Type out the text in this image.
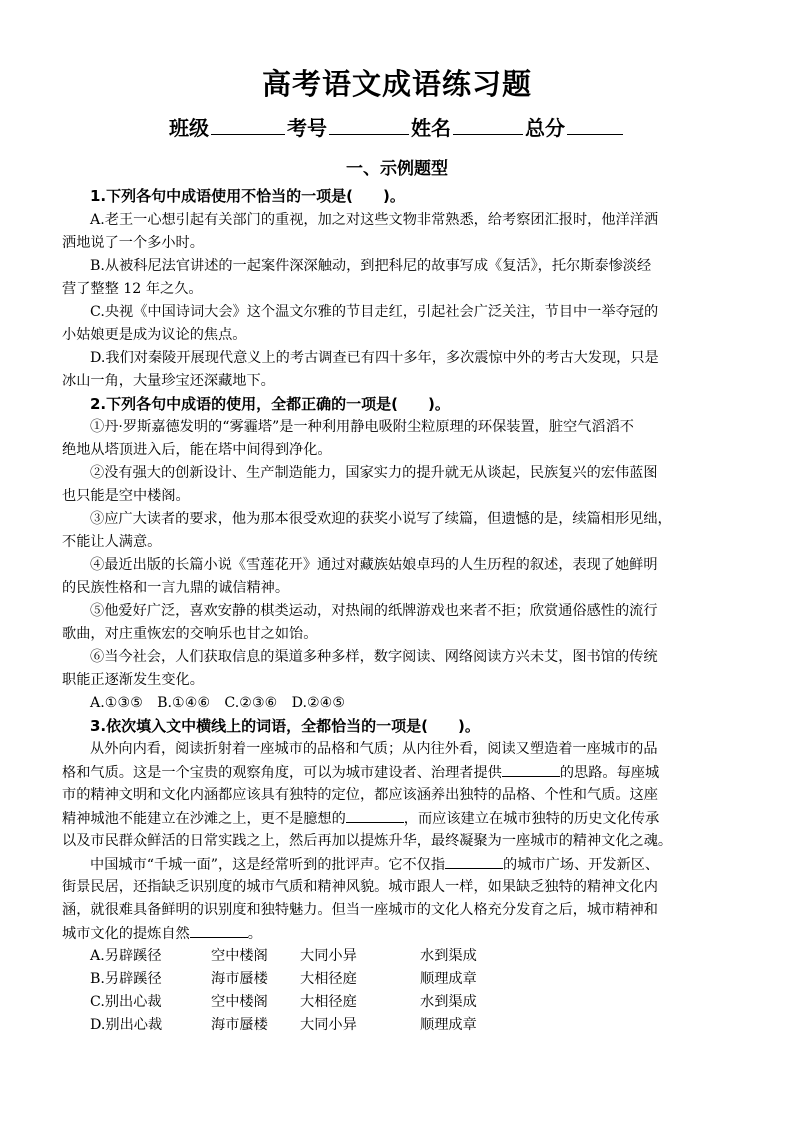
高考语文成语练习题
班级	考号	姓名	总分
一、示例题型
1.下列各句中成语使用不恰当的一项是(　　)。
A.老王一心想引起有关部门的重视，加之对这些文物非常熟悉，给考察团汇报时，他洋洋洒
洒地说了一个多小时。
B.从被科尼法官讲述的一起案件深深触动，到把科尼的故事写成《复活》，托尔斯泰惨淡经
营了整整 12 年之久。
C.央视《中国诗词大会》这个温文尔雅的节目走红，引起社会广泛关注，节目中一举夺冠的
小姑娘更是成为议论的焦点。
D.我们对秦陵开展现代意义上的考古调查已有四十多年，多次震惊中外的考古大发现，只是
冰山一角，大量珍宝还深藏地下。
2.下列各句中成语的使用，全都正确的一项是(　　)。
①丹·罗斯嘉德发明的“雾霾塔”是一种利用静电吸附尘粒原理的环保装置，脏空气滔滔不
绝地从塔顶进入后，能在塔中间得到净化。
②没有强大的创新设计、生产制造能力，国家实力的提升就无从谈起，民族复兴的宏伟蓝图
也只能是空中楼阁。
③应广大读者的要求，他为那本很受欢迎的获奖小说写了续篇，但遗憾的是，续篇相形见绌，
不能让人满意。
④最近出版的长篇小说《雪莲花开》通过对藏族姑娘卓玛的人生历程的叙述，表现了她鲜明
的民族性格和一言九鼎的诚信精神。
⑤他爱好广泛，喜欢安静的棋类运动，对热闹的纸牌游戏也来者不拒；欣赏通俗感性的流行
歌曲，对庄重恢宏的交响乐也甘之如饴。
⑥当今社会，人们获取信息的渠道多种多样，数字阅读、网络阅读方兴未艾，图书馆的传统
职能正逐渐发生变化。
A.①③⑤　B.①④⑥　C.②③⑥　D.②④⑤
3.依次填入文中横线上的词语，全都恰当的一项是(　　)。
从外向内看，阅读折射着一座城市的品格和气质；从内往外看，阅读又塑造着一座城市的品
格和气质。这是一个宝贵的观察角度，可以为城市建设者、治理者提供	的思路。每座城
市的精神文明和文化内涵都应该具有独特的定位，都应该涵养出独特的品格、个性和气质。这座
精神城池不能建立在沙滩之上，更不是臆想的	，而应该建立在城市独特的历史文化传承
以及市民群众鲜活的日常实践之上，然后再加以提炼升华，最终凝聚为一座城市的精神文化之魂。
中国城市“千城一面”，这是经常听到的批评声。它不仅指	的城市广场、开发新区、
街景民居，还指缺乏识别度的城市气质和精神风貌。城市跟人一样，如果缺乏独特的精神文化内
涵，就很难具备鲜明的识别度和独特魅力。但当一座城市的文化人格充分发育之后，城市精神和
城市文化的提炼自然	。
A.另辟蹊径	空中楼阁 大同小异	水到渠成
B.另辟蹊径	海市蜃楼 大相径庭	顺理成章
C.别出心裁	空中楼阁 大相径庭	水到渠成
D.别出心裁	海市蜃楼 大同小异	顺理成章
